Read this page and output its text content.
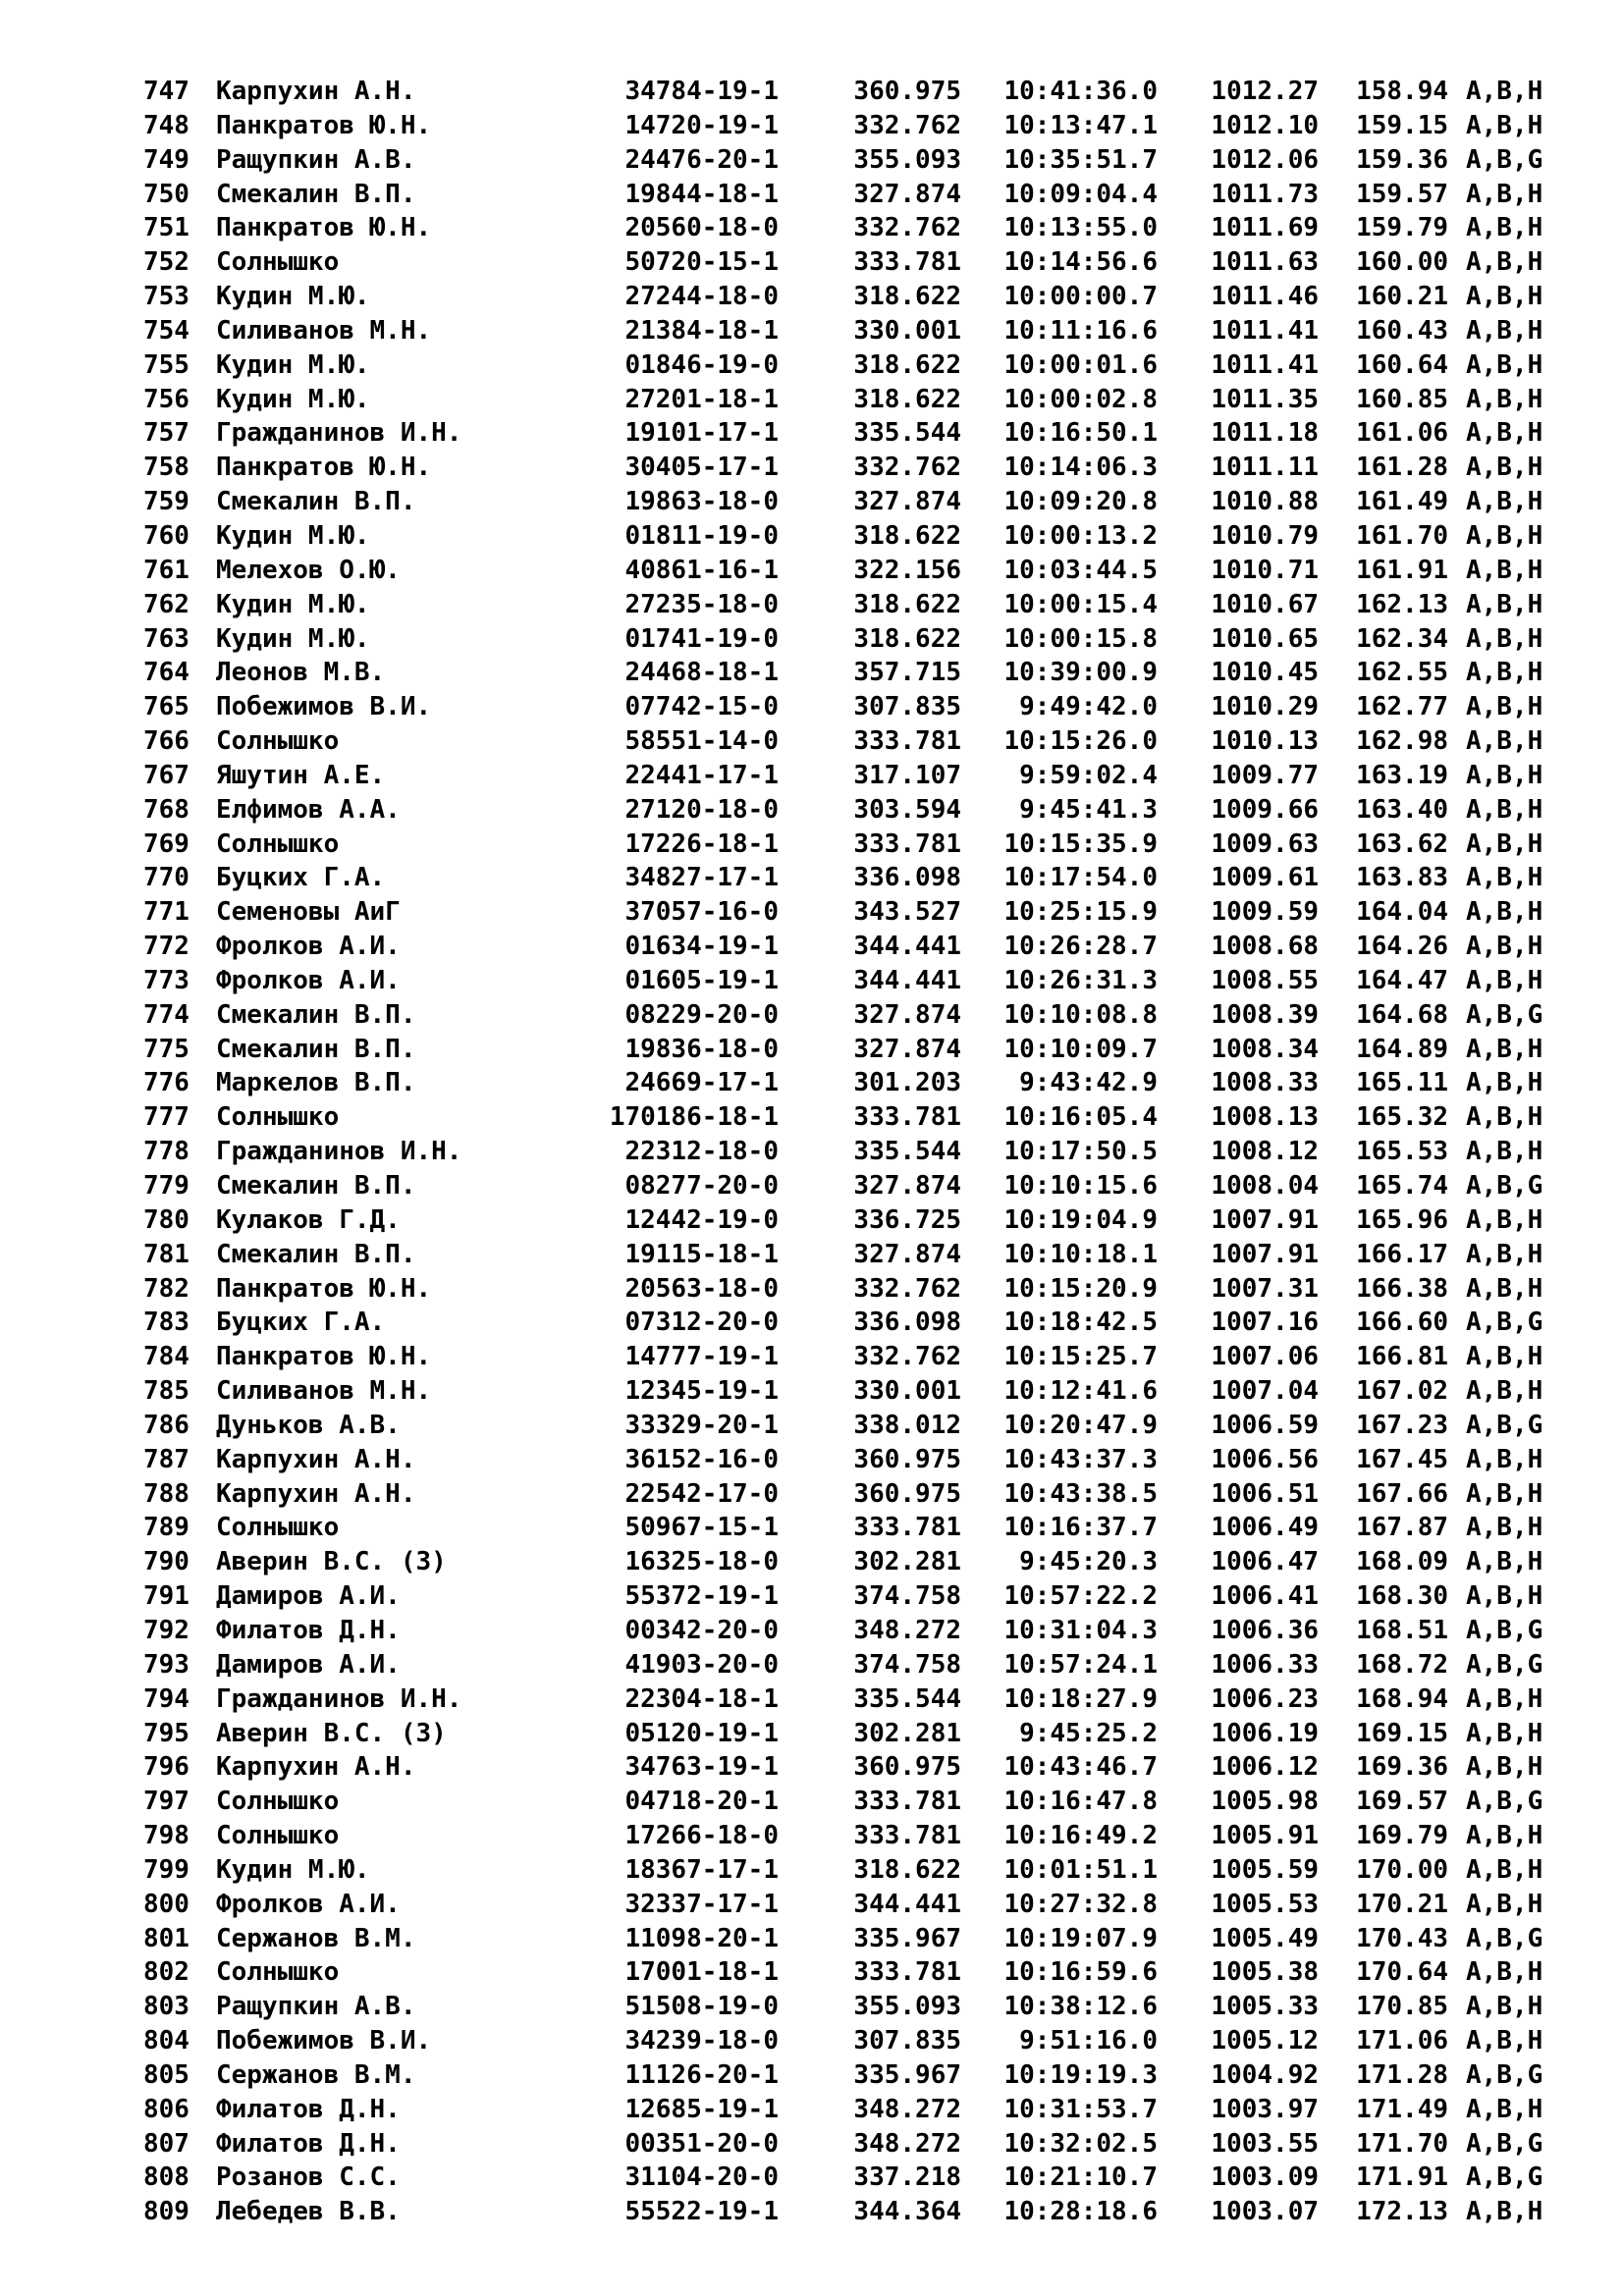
747 Карпухин А.Н.	34784-19-1	360.975 10:41:36.0 1012.27 158.94 A,B,H
748 Панкратов Ю.Н.	14720-19-1	332.762 10:13:47.1 1012.10 159.15 A,B,H
749 Ращупкин А.В.	24476-20-1	355.093 10:35:51.7 1012.06 159.36 A,B,G
750 Смекалин В.П.	19844-18-1	327.874 10:09:04.4 1011.73 159.57 A,B,H
751 Панкратов Ю.Н.	20560-18-0	332.762 10:13:55.0 1011.69 159.79 A,B,H
752 Солнышко	50720-15-1	333.781 10:14:56.6 1011.63 160.00 A,B,H
753 Кудин М.Ю.	27244-18-0	318.622 10:00:00.7 1011.46 160.21 A,B,H
754 Силиванов М.Н.	21384-18-1	330.001 10:11:16.6 1011.41 160.43 A,B,H
755 Кудин М.Ю.	01846-19-0	318.622 10:00:01.6 1011.41 160.64 A,B,H
756 Кудин М.Ю.	27201-18-1	318.622 10:00:02.8 1011.35 160.85 A,B,H
757 Гражданинов И.Н.	19101-17-1	335.544 10:16:50.1 1011.18 161.06 A,B,H
758 Панкратов Ю.Н.	30405-17-1	332.762 10:14:06.3 1011.11 161.28 A,B,H
759 Смекалин В.П.	19863-18-0	327.874 10:09:20.8 1010.88 161.49 A,B,H
760 Кудин М.Ю.	01811-19-0	318.622 10:00:13.2 1010.79 161.70 A,B,H
761 Мелехов О.Ю.	40861-16-1	322.156 10:03:44.5 1010.71 161.91 A,B,H
762 Кудин М.Ю.	27235-18-0	318.622 10:00:15.4 1010.67 162.13 A,B,H
763 Кудин М.Ю.	01741-19-0	318.622 10:00:15.8 1010.65 162.34 A,B,H
764 Леонов М.В.	24468-18-1	357.715 10:39:00.9 1010.45 162.55 A,B,H
765 Побежимов В.И.	07742-15-0	307.835 9:49:42.0 1010.29 162.77 A,B,H
766 Солнышко	58551-14-0	333.781 10:15:26.0 1010.13 162.98 A,B,H
767 Яшутин А.Е.	22441-17-1	317.107 9:59:02.4 1009.77 163.19 A,B,H
768 Елфимов А.А.	27120-18-0	303.594 9:45:41.3 1009.66 163.40 A,B,H
769 Солнышко	17226-18-1	333.781 10:15:35.9 1009.63 163.62 A,B,H
770 Буцких Г.А.	34827-17-1	336.098 10:17:54.0 1009.61 163.83 A,B,H
771 Семеновы АиГ	37057-16-0	343.527 10:25:15.9 1009.59 164.04 A,B,H
772 Фролков А.И.	01634-19-1	344.441 10:26:28.7 1008.68 164.26 A,B,H
773 Фролков А.И.	01605-19-1	344.441 10:26:31.3 1008.55 164.47 A,B,H
774 Смекалин В.П.	08229-20-0	327.874 10:10:08.8 1008.39 164.68 A,B,G
775 Смекалин В.П.	19836-18-0	327.874 10:10:09.7 1008.34 164.89 A,B,H
776 Маркелов В.П.	24669-17-1	301.203 9:43:42.9 1008.33 165.11 A,B,H
777 Солнышко	170186-18-1	333.781 10:16:05.4 1008.13 165.32 A,B,H
778 Гражданинов И.Н.	22312-18-0	335.544 10:17:50.5 1008.12 165.53 A,B,H
779 Смекалин В.П.	08277-20-0	327.874 10:10:15.6 1008.04 165.74 A,B,G
780 Кулаков Г.Д.	12442-19-0	336.725 10:19:04.9 1007.91 165.96 A,B,H
781 Смекалин В.П.	19115-18-1	327.874 10:10:18.1 1007.91 166.17 A,B,H
782 Панкратов Ю.Н.	20563-18-0	332.762 10:15:20.9 1007.31 166.38 A,B,H
783 Буцких Г.А.	07312-20-0	336.098 10:18:42.5 1007.16 166.60 A,B,G
784 Панкратов Ю.Н.	14777-19-1	332.762 10:15:25.7 1007.06 166.81 A,B,H
785 Силиванов М.Н.	12345-19-1	330.001 10:12:41.6 1007.04 167.02 A,B,H
786 Дуньков А.В.	33329-20-1	338.012 10:20:47.9 1006.59 167.23 A,B,G
787 Карпухин А.Н.	36152-16-0	360.975 10:43:37.3 1006.56 167.45 A,B,H
788 Карпухин А.Н.	22542-17-0	360.975 10:43:38.5 1006.51 167.66 A,B,H
789 Солнышко	50967-15-1	333.781 10:16:37.7 1006.49 167.87 A,B,H
790 Аверин В.С. (З)	16325-18-0	302.281 9:45:20.3 1006.47 168.09 A,B,H
791 Дамиров А.И.	55372-19-1	374.758 10:57:22.2 1006.41 168.30 A,B,H
792 Филатов Д.Н.	00342-20-0	348.272 10:31:04.3 1006.36 168.51 A,B,G
793 Дамиров А.И.	41903-20-0	374.758 10:57:24.1 1006.33 168.72 A,B,G
794 Гражданинов И.Н.	22304-18-1	335.544 10:18:27.9 1006.23 168.94 A,B,H
795 Аверин В.С. (З)	05120-19-1	302.281 9:45:25.2 1006.19 169.15 A,B,H
796 Карпухин А.Н.	34763-19-1	360.975 10:43:46.7 1006.12 169.36 A,B,H
797 Солнышко	04718-20-1	333.781 10:16:47.8 1005.98 169.57 A,B,G
798 Солнышко	17266-18-0	333.781 10:16:49.2 1005.91 169.79 A,B,H
799 Кудин М.Ю.	18367-17-1	318.622 10:01:51.1 1005.59 170.00 A,B,H
800 Фролков А.И.	32337-17-1	344.441 10:27:32.8 1005.53 170.21 A,B,H
801 Сержанов В.М.	11098-20-1	335.967 10:19:07.9 1005.49 170.43 A,B,G
802 Солнышко	17001-18-1	333.781 10:16:59.6 1005.38 170.64 A,B,H
803 Ращупкин А.В.	51508-19-0	355.093 10:38:12.6 1005.33 170.85 A,B,H
804 Побежимов В.И.	34239-18-0	307.835 9:51:16.0 1005.12 171.06 A,B,H
805 Сержанов В.М.	11126-20-1	335.967 10:19:19.3 1004.92 171.28 A,B,G
806 Филатов Д.Н.	12685-19-1	348.272 10:31:53.7 1003.97 171.49 A,B,H
807 Филатов Д.Н.	00351-20-0	348.272 10:32:02.5 1003.55 171.70 A,B,G
808 Розанов С.С.	31104-20-0	337.218 10:21:10.7 1003.09 171.91 A,B,G
809 Лебедев В.В.	55522-19-1	344.364 10:28:18.6 1003.07 172.13 A,B,H
